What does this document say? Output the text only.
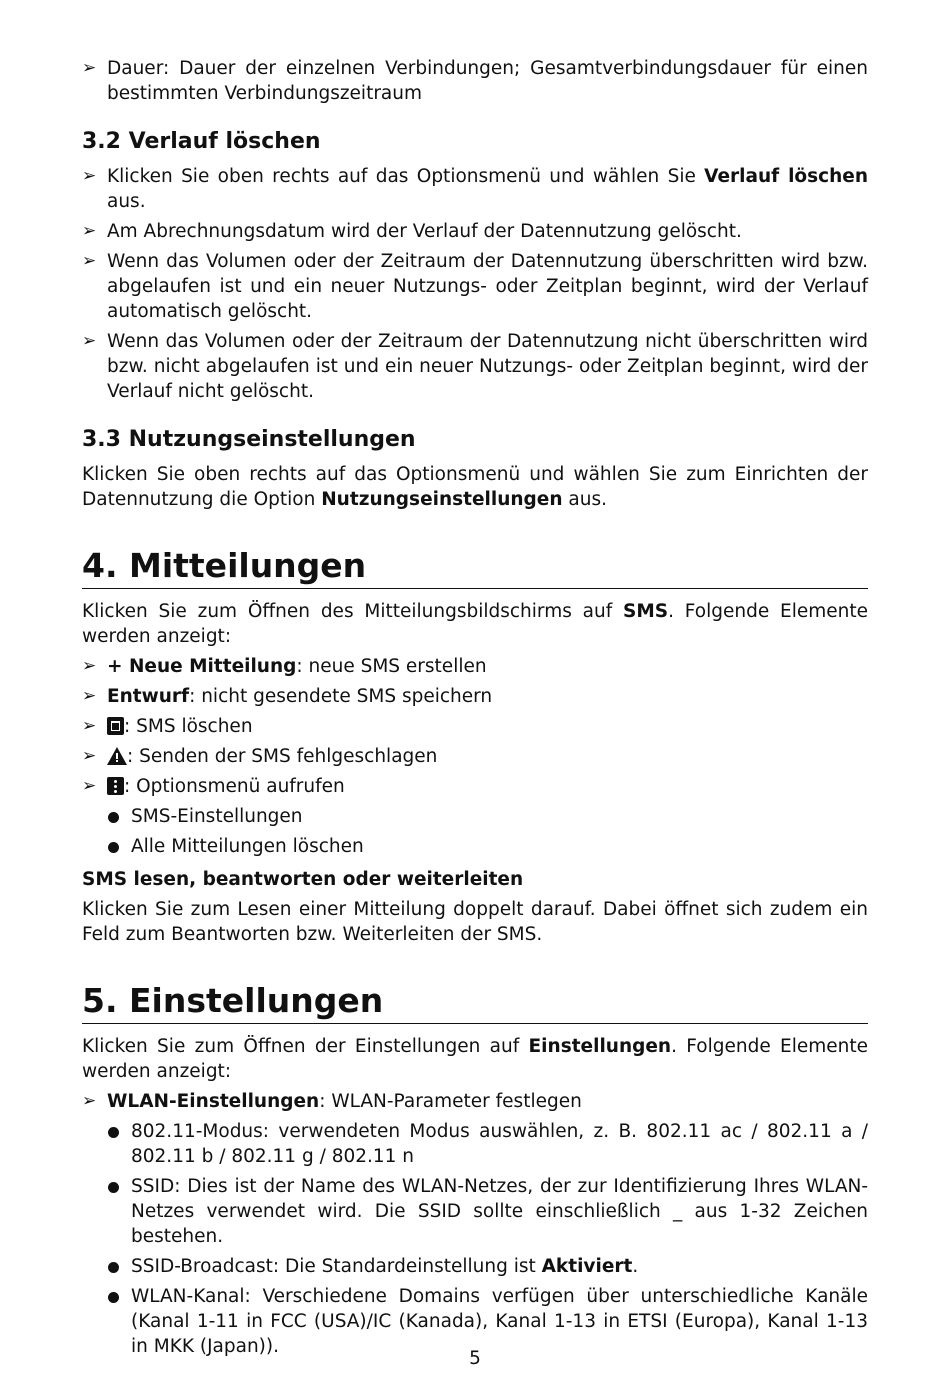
➢ Dauer: Dauer der einzelnen Verbindungen; Gesamtverbindungsdauer für einen bestimmten Verbindungszeitraum
3.2 Verlauf löschen
➢ Klicken Sie oben rechts auf das Optionsmenü und wählen Sie Verlauf löschen aus.
➢ Am Abrechnungsdatum wird der Verlauf der Datennutzung gelöscht.
➢ Wenn das Volumen oder der Zeitraum der Datennutzung überschritten wird bzw. abgelaufen ist und ein neuer Nutzungs- oder Zeitplan beginnt, wird der Verlauf automatisch gelöscht.
➢ Wenn das Volumen oder der Zeitraum der Datennutzung nicht überschritten wird bzw. nicht abgelaufen ist und ein neuer Nutzungs- oder Zeitplan beginnt, wird der Verlauf nicht gelöscht.
3.3 Nutzungseinstellungen

Klicken Sie oben rechts auf das Optionsmenü und wählen Sie zum Einrichten der Datennutzung die Option Nutzungseinstellungen aus.

4. Mitteilungen

Klicken Sie zum Öffnen des Mitteilungsbildschirms auf SMS. Folgende Elemente werden anzeigt:

➢ + Neue Mitteilung: neue SMS erstellen
➢ Entwurf: nicht gesendete SMS speichern
➢ : SMS löschen
➢ : Senden der SMS fehlgeschlagen
➢ : Optionsmenü aufrufen
SMS-Einstellungen
Alle Mitteilungen löschen

SMS lesen, beantworten oder weiterleiten

Klicken Sie zum Lesen einer Mitteilung doppelt darauf. Dabei öffnet sich zudem ein Feld zum Beantworten bzw. Weiterleiten der SMS.

5. Einstellungen

Klicken Sie zum Öffnen der Einstellungen auf Einstellungen. Folgende Elemente werden anzeigt:

➢ WLAN-Einstellungen: WLAN-Parameter festlegen
802.11-Modus: verwendeten Modus auswählen, z. B. 802.11 ac / 802.11 a / 802.11 b / 802.11 g / 802.11 n
SSID: Dies ist der Name des WLAN-Netzes, der zur Identifizierung Ihres WLAN-Netzes verwendet wird. Die SSID sollte einschließlich _ aus 1-32 Zeichen bestehen.
SSID-Broadcast: Die Standardeinstellung ist Aktiviert.
WLAN-Kanal: Verschiedene Domains verfügen über unterschiedliche Kanäle (Kanal 1-11 in FCC (USA)/IC (Kanada), Kanal 1-13 in ETSI (Europa), Kanal 1-13 in MKK (Japan)).
5
